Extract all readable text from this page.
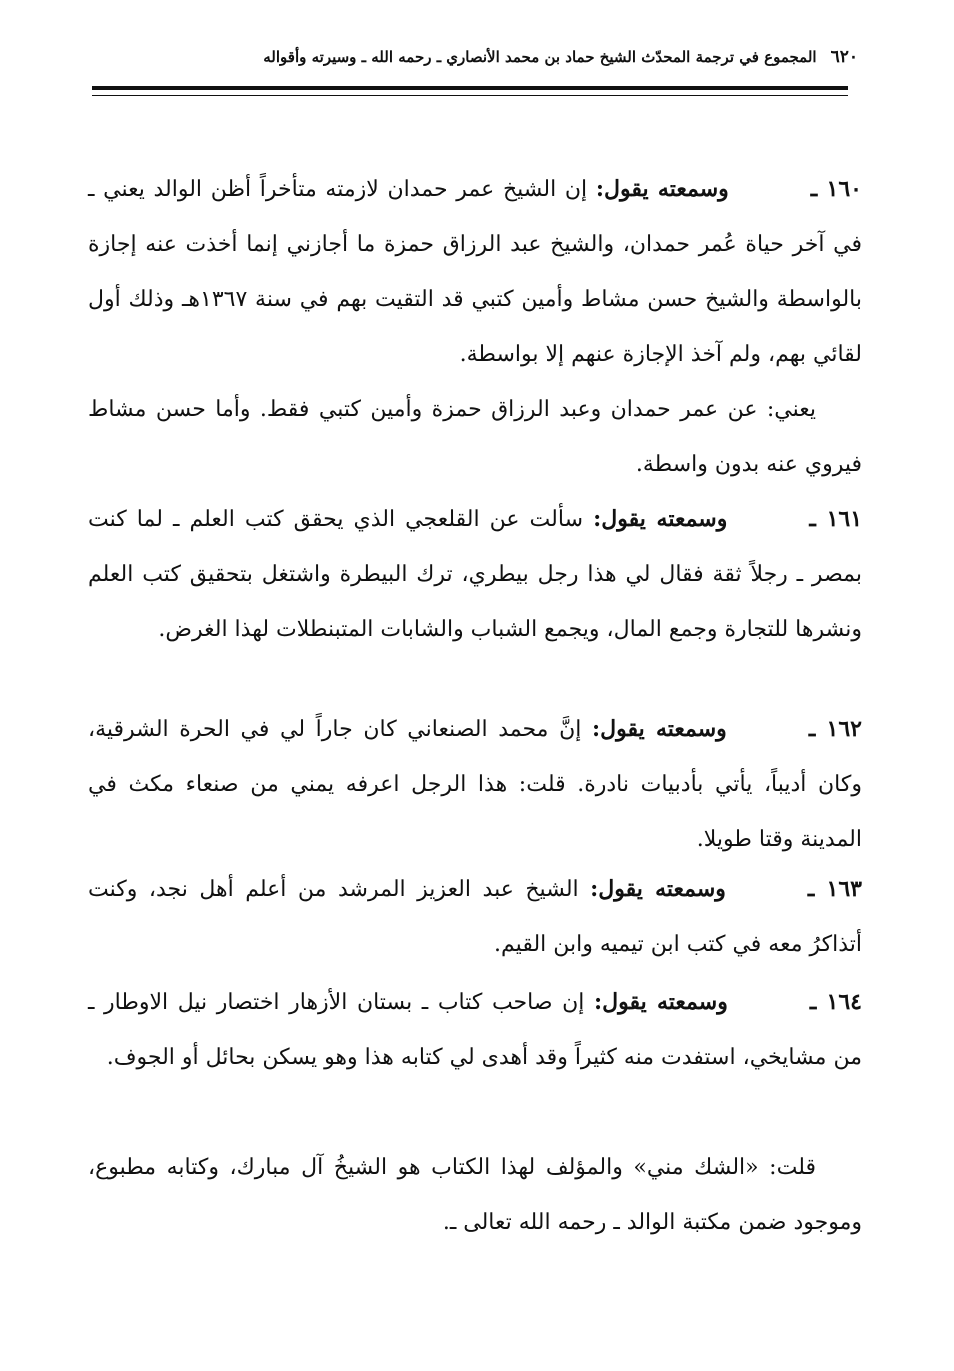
٦٢٠
المجموع في ترجمة المحدّث الشيخ حماد بن محمد الأنصاري ـ رحمه الله ـ وسيرته وأقواله
١٦٠ ـوسمعته يقول: إن الشيخ عمر حمدان لازمته متأخراً أظن الوالد يعني ـ في آخر حياة عُمر حمدان، والشيخ عبد الرزاق حمزة ما أجازني إنما أخذت عنه إجازة بالواسطة والشيخ حسن مشاط وأمين كتبي قد التقيت بهم في سنة ١٣٦٧هـ وذلك أول لقائي بهم، ولم آخذ الإجازة عنهم إلا بواسطة.
يعني: عن عمر حمدان وعبد الرزاق حمزة وأمين كتبي فقط. وأما حسن مشاط فيروي عنه بدون واسطة.
١٦١ ـوسمعته يقول: سألت عن القلعجي الذي يحقق كتب العلم ـ لما كنت بمصر ـ رجلاً ثقة فقال لي هذا رجل بيطري، ترك البيطرة واشتغل بتحقيق كتب العلم ونشرها للتجارة وجمع المال، ويجمع الشباب والشابات المتبنطلات لهذا الغرض.
١٦٢ ـوسمعته يقول: إنَّ محمد الصنعاني كان جاراً لي في الحرة الشرقية، وكان أديباً، يأتي بأدبيات نادرة. قلت: هذا الرجل اعرفه يمني من صنعاء مكث في المدينة وقتا طويلا.
١٦٣ ـوسمعته يقول: الشيخ عبد العزيز المرشد من أعلم أهل نجد، وكنت أتذاكرُ معه في كتب ابن تيميه وابن القيم.
١٦٤ ـوسمعته يقول: إن صاحب كتاب ـ بستان الأزهار اختصار نيل الاوطار ـ من مشايخي، استفدت منه كثيراً وقد أهدى لي كتابه هذا وهو يسكن بحائل أو الجوف.
قلت: «الشك مني» والمؤلف لهذا الكتاب هو الشيخُ آل مبارك، وكتابه مطبوع، وموجود ضمن مكتبة الوالد ـ رحمه الله تعالى ـ.
